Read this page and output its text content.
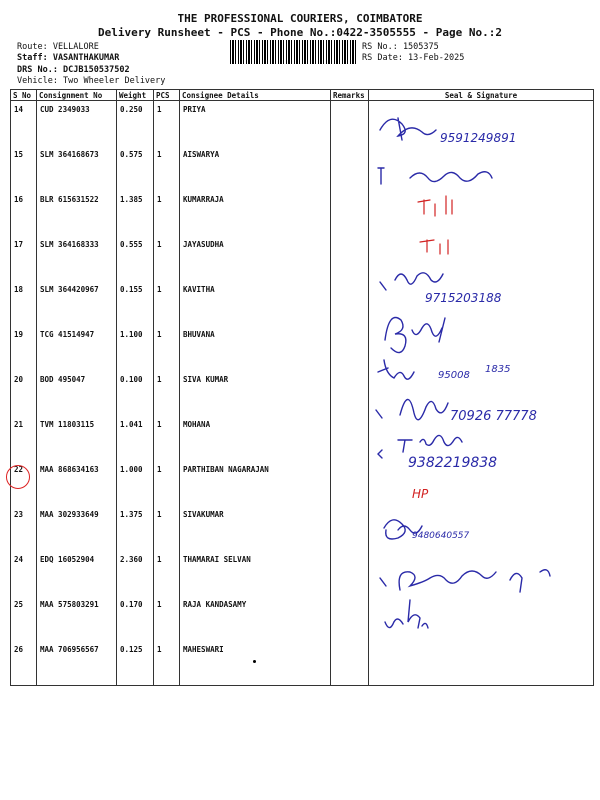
THE PROFESSIONAL COURIERS, COIMBATORE
Delivery Runsheet - PCS - Phone No.:0422-3505555 - Page No.:2
Route: VELLALORE
Staff: VASANTHAKUMAR
DRS No.: DCJB150537502
Vehicle: Two Wheeler Delivery
RS No.: 1505375
RS Date: 13-Feb-2025
S No	Consignment No	Weight	PCS	Consignee Details	Remarks	Seal & Signature
14	CUD 2349033	0.250	1	PRIYA		
15	SLM 364168673	0.575	1	AISWARYA		
16	BLR 615631522	1.385	1	KUMARRAJA		
17	SLM 364168333	0.555	1	JAYASUDHA		
18	SLM 364420967	0.155	1	KAVITHA		
19	TCG 41514947	1.100	1	BHUVANA		
20	BOD 495047	0.100	1	SIVA KUMAR		
21	TVM 11803115	1.041	1	MOHANA		
22	MAA 868634163	1.000	1	PARTHIBAN NAGARAJAN		
23	MAA 302933649	1.375	1	SIVAKUMAR		
24	EDQ 16052904	2.360	1	THAMARAI SELVAN		
25	MAA 575803291	0.170	1	RAJA KANDASAMY		
26	MAA 706956567	0.125	1	MAHESWARI		
9591249891
9715203188
95008
1835
70926 77778
9382219838
9480640557
HP
